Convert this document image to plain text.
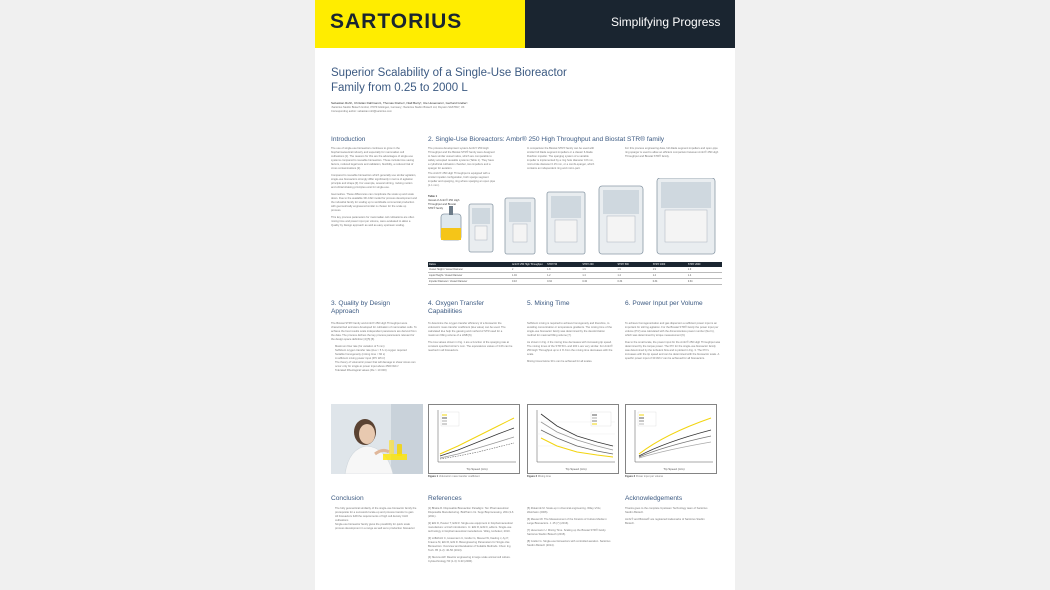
SARTORIUS	Simplifying Progress
Superior Scalability of a Single-Use Bioreactor
Family from 0.25 to 2000 L
Sebastian Ruhl¹, Christian Dahlmann¹, Thomas Dreher¹, Niall Barry³, Ute Husemann¹, Gerhard Greller¹
¹Sartorius Stedim Biotech GmbH, 37079 Göttingen, Germany; ²Sartorius Stedim Biotech Ltd, Royston SG8 5WY, UK
Corresponding author: sebastian.ruhl@sartorius.com
Introduction

The use of single-use bioreactors continues to grow in the biopharmaceutical industry and especially for mammalian cell cultivations [1]. The reasons for this are the advantages of single-use systems compared to reusable bioreactors. These include time saving factors, reduced legal texts and validation, flexibility, a reduced risk of cross contaminations [2].

Compared to reusable bioreactors which generally use similar agitation, single-use bioreactors strongly differ significantly in terms of agitation principle and shape [3]. For example, several stirring, rocking motion and orbital shaking principles exist for single-use.

Geometries. These differences can complicate the scale up and scale down. Due to the available 3D-CAD model for process development and the industrial family for scaling up to worldwide commercial production with geometrically engineered similar is chosen for the scale up process.

This key process parameters for mammalian cell cultivations are often mixing time and power input per volume, were evaluated to allow a Quality by Design approach as well as easy upstream scaling.

2. Single-Use Bioreactors: Ambr® 250 High Throughput and Biostat STR® family
The process development system Ambr® 250 High Throughput and the Biostat STR® family were designed to have similar vessel ratios, which are comparable to widely accepted reusable systems (Table 1). They have a cylindrical cultivation chamber, two impellers and a sparger for aeration.
The Ambr® 250 High Throughput is equipped with a similar impeller configuration, both sparge segment impeller and sparging, ring where sparging an open pipe (1.1 mm).
In comparison the Biostat STR® family can be used with similar full blade segment impellers or a classic 6-blade Rushton impeller. The sparging system of a variable impeller is implemented by a ring hole diameter 0.8 mm, micro-hole diameter 0.15 mm, or a combi-sparger, which contains an independent ring and micro-part.
For this process engineering data, full-blade segment impellers and open-pipe ring sparger is used to allow an efficient comparison between Ambr® 250 High Throughput and Biostat STR® family.
Table 1
Vessel of Ambr® 250 High Throughput and Biostat STR® family
Ratios	Ambr® 250 High Throughput	STR® 50	STR® 200	STR® 500	STR® 1000	STR® 2000
Vessel Height / Vessel Diameter	2	1.8	1.9	1.9	1.9	1.9
Liquid Height / Vessel Diameter	1.04	1.2	1.4	1.4	1.4	1.4
Impeller Diameter / Vessel Diameter	0.43	0.34	0.34	0.34	0.34	0.34
3. Quality by Design
Approach

The Biostat STR® family and Ambr® 250 High Throughput were characterized and were developed for cultivation of mammalian cells. To achieve the best results scale independent parameters are derived from the data. The process defines the key process parameters relevant for the design space definition [4] [5] [6].

• Maximum flow rate (for variation of 5 mm)
• Sufficient oxygen transfer rate (kLa > 5 h-1) oxygen required
• Suitable homogeneity (mixing time < 60 s)
• A sufficient mixing power input (P/V W/m³)
• The theory of volumetric power that will damage to shear stress can occur only for single-to power input above 2500 W/m³
• Tolerated Rheological values (Re > 10 000)
4. Oxygen Transfer
Capabilities

To determine the oxygen transfer efficiency of a bioreactor the volumetric mass transfer coefficient (kLa value) can be used. The calculated kLa help the gassing and method of STR used for a maximum filling volume of a HNB [6].

The kLa values shown in Fig. 1 are a function of the sparging rate at constant specified stirrer's nom. The equivalence values of 3.06 can be reached in all bioreactors.

5. Mixing Time

Sufficient mixing is required to achieve homogeneity and therefore, to avoiding concentration or temperature gradients. The mixing time of the single-use bioreactor family was determined by the decolorization method for maximal filling volume [7].

As shown in Fig. 2 the mixing time decreases with increasing tip speed. The mixing times of the STR 50 L and 200 L are very similar. For Ambr® 250 High Throughput up to 2 % from the mixing time decreases with the scale.

Mixing times below 30 s can be achieved for all scales.

6. Power Input per Volume

To achieve homogeneization and gas dispersion a sufficient power input is an important for stirring agitation. For the Biostat STR® family the power input per volume (P/V) was calculated with the dimensionless power number (Ne=1), which was determined by torque measurement [6].

Due to the small scale, the power input for the Ambr® 250 High Throughput was determined by the torque power. The P/V for the single-use bioreactor family was determined by the turbulent flow and is plotted in Fig. 3. The P/V's increases with the tip speed and can be determined with the bioreactor scale. A specific power input of 30 W/m³ can be achieved for all bioreactors.

Tip Speed (m/s)	Tip Speed (m/s)	Tip Speed (m/s)
Figure 1 Volumetric mass transfer coefficient	Figure 2 Mixing time	Figure 3 Power input per volume
Conclusion
• The fully geometrical similarity of the single-use bioreactor family the prerequisite for a successful scale-up and process transfer to gain
• All bioreactors fulfil the requirements of high cell density CHO cultivations
• Single-use bioreactor family gives the possibility for quick scale process development in a range as well as to production bioreactor
References

[1] Bhatia R. Disposable Bioreaction Paradigm: Ten Pharmaceutical Disposable Manufacturing. BioPharm Int. Supp Bioprocessing. 2011;3-6 (2011).

[2] Eibl D, Peuker T, Eibl R. Single-use equipment in biopharmaceutical manufacture: a brief introduction. In: Eibl R, Eibl D, editors. Single-use technology in biopharmaceutical manufacture. Wiley, Hoboken; 2010.

[3] Löffelholz C, Husemann U, Greller G, Meusel W, Kauling J, Ay P, Kraume M, Eibl R, Eibl D. Bioengineering Parameters for Single-Use Bioreactors: Overview and Evaluation of Suitable Methods. Chem Ing Tech. 85 (1-2): 40-56 (2013).

[4] Nienow AW. Reactor engineering in large scale animal cell culture. Cytotechnology 50 (1-3): 9-33 (2006).

[5] Zlokarnik M. Scale-up in chemical engineering. Wiley-VCH, Weinheim (2006).

[6] Meusel W. The Measurement of the Kinetics of Culture Media in Large Bioreactors. J. 45 (7) (2016).

[7] Husemann U. Mixing Time. Scaling up the Biostat STR® family. Sartorius Stedim Biotech (2015).

[8] Greller G. Single-use bioreactors with controlled aeration. Sartorius Stedim Biotech (2014).

Acknowledgements

Thanks goes to the complete Upstream Technology team of Sartorius Stedim Biotech.

Ambr® and Biostat® are registered trademarks of Sartorius Stedim Biotech.
